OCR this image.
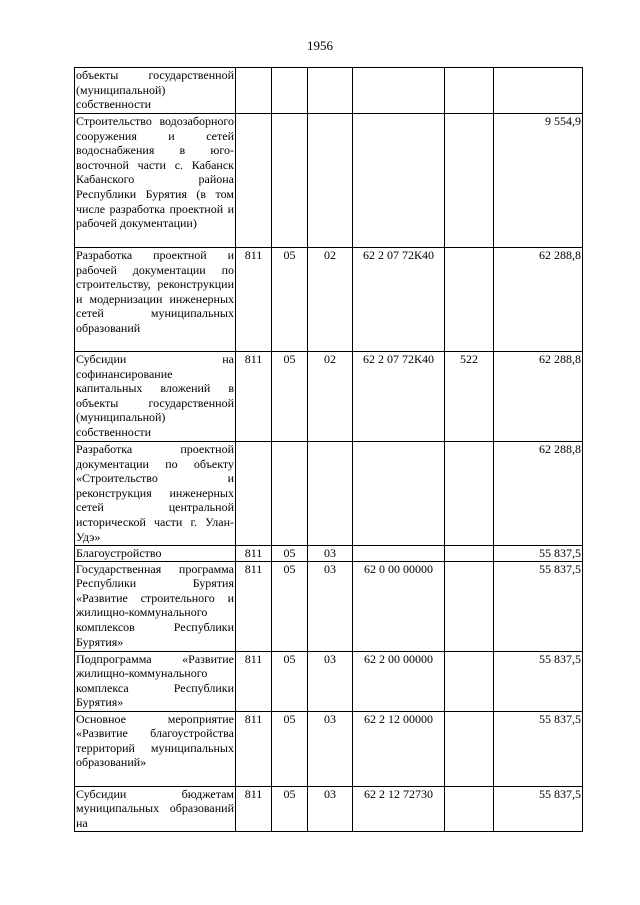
1956
объекты государственной (муниципальной) собственности						
Строительство водозаборного сооружения и сетей водоснабжения в юго-восточной части с. Кабанск Кабанского района Республики Бурятия (в том числе разработка проектной и рабочей документации)						9 554,9
Разработка проектной и рабочей документации по строительству, реконструкции и модернизации инженерных сетей муниципальных образований	811	05	02	62 2 07 72К40		62 288,8
Субсидии на софинансирование капитальных вложений в объекты государственной (муниципальной) собственности	811	05	02	62 2 07 72К40	522	62 288,8
Разработка проектной документации по объекту «Строительство и реконструкция инженерных сетей центральной исторической части г. Улан-Удэ»						62 288,8
Благоустройство	811	05	03			55 837,5
Государственная программа Республики Бурятия «Развитие строительного и жилищно-коммунального комплексов Республики Бурятия»	811	05	03	62 0 00 00000		55 837,5
Подпрограмма «Развитие жилищно-коммунального комплекса Республики Бурятия»	811	05	03	62 2 00 00000		55 837,5
Основное мероприятие «Развитие благоустройства территорий муниципальных образований»	811	05	03	62 2 12 00000		55 837,5
Субсидии бюджетам муниципальных образований на	811	05	03	62 2 12 72730		55 837,5
